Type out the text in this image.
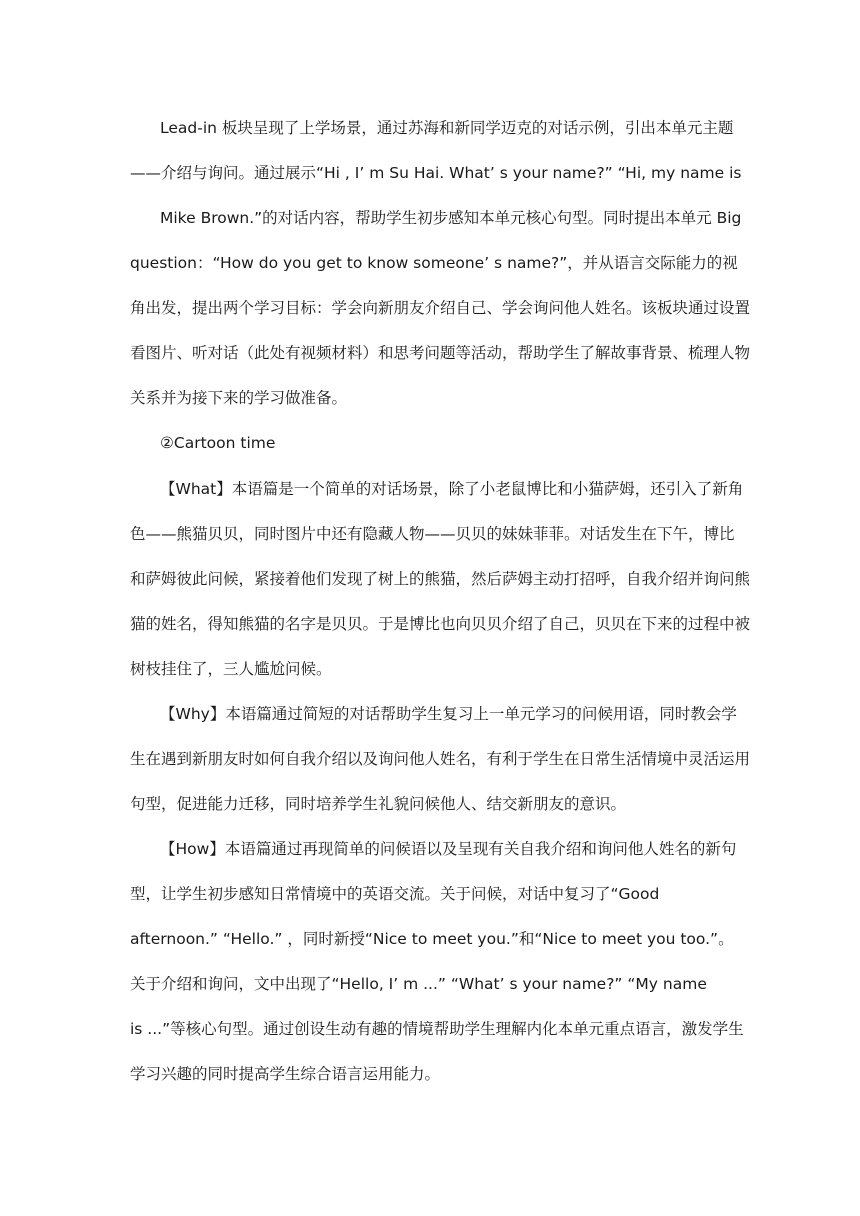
Lead-in 板块呈现了上学场景，通过苏海和新同学迈克的对话示例，引出本单元主题
——介绍与询问。通过展示“Hi , I’ m Su Hai. What’ s your name?” “Hi, my name is
Mike Brown.”的对话内容，帮助学生初步感知本单元核心句型。同时提出本单元 Big
question：“How do you get to know someone’ s name?”，并从语言交际能力的视
角出发，提出两个学习目标：学会向新朋友介绍自己、学会询问他人姓名。该板块通过设置
看图片、听对话（此处有视频材料）和思考问题等活动，帮助学生了解故事背景、梳理人物
关系并为接下来的学习做准备。
②Cartoon time
【What】本语篇是一个简单的对话场景，除了小老鼠博比和小猫萨姆，还引入了新角
色——熊猫贝贝，同时图片中还有隐藏人物——贝贝的妹妹菲菲。对话发生在下午，博比
和萨姆彼此问候，紧接着他们发现了树上的熊猫，然后萨姆主动打招呼，自我介绍并询问熊
猫的姓名，得知熊猫的名字是贝贝。于是博比也向贝贝介绍了自己，贝贝在下来的过程中被
树枝挂住了，三人尴尬问候。
【Why】本语篇通过简短的对话帮助学生复习上一单元学习的问候用语，同时教会学
生在遇到新朋友时如何自我介绍以及询问他人姓名，有利于学生在日常生活情境中灵活运用
句型，促进能力迁移，同时培养学生礼貌问候他人、结交新朋友的意识。
【How】本语篇通过再现简单的问候语以及呈现有关自我介绍和询问他人姓名的新句
型，让学生初步感知日常情境中的英语交流。关于问候，对话中复习了“Good
afternoon.” “Hello.” ，同时新授“Nice to meet you.”和“Nice to meet you too.”。
关于介绍和询问，文中出现了“Hello, I’ m ...” “What’ s your name?” “My name
is ...”等核心句型。通过创设生动有趣的情境帮助学生理解内化本单元重点语言，激发学生
学习兴趣的同时提高学生综合语言运用能力。
